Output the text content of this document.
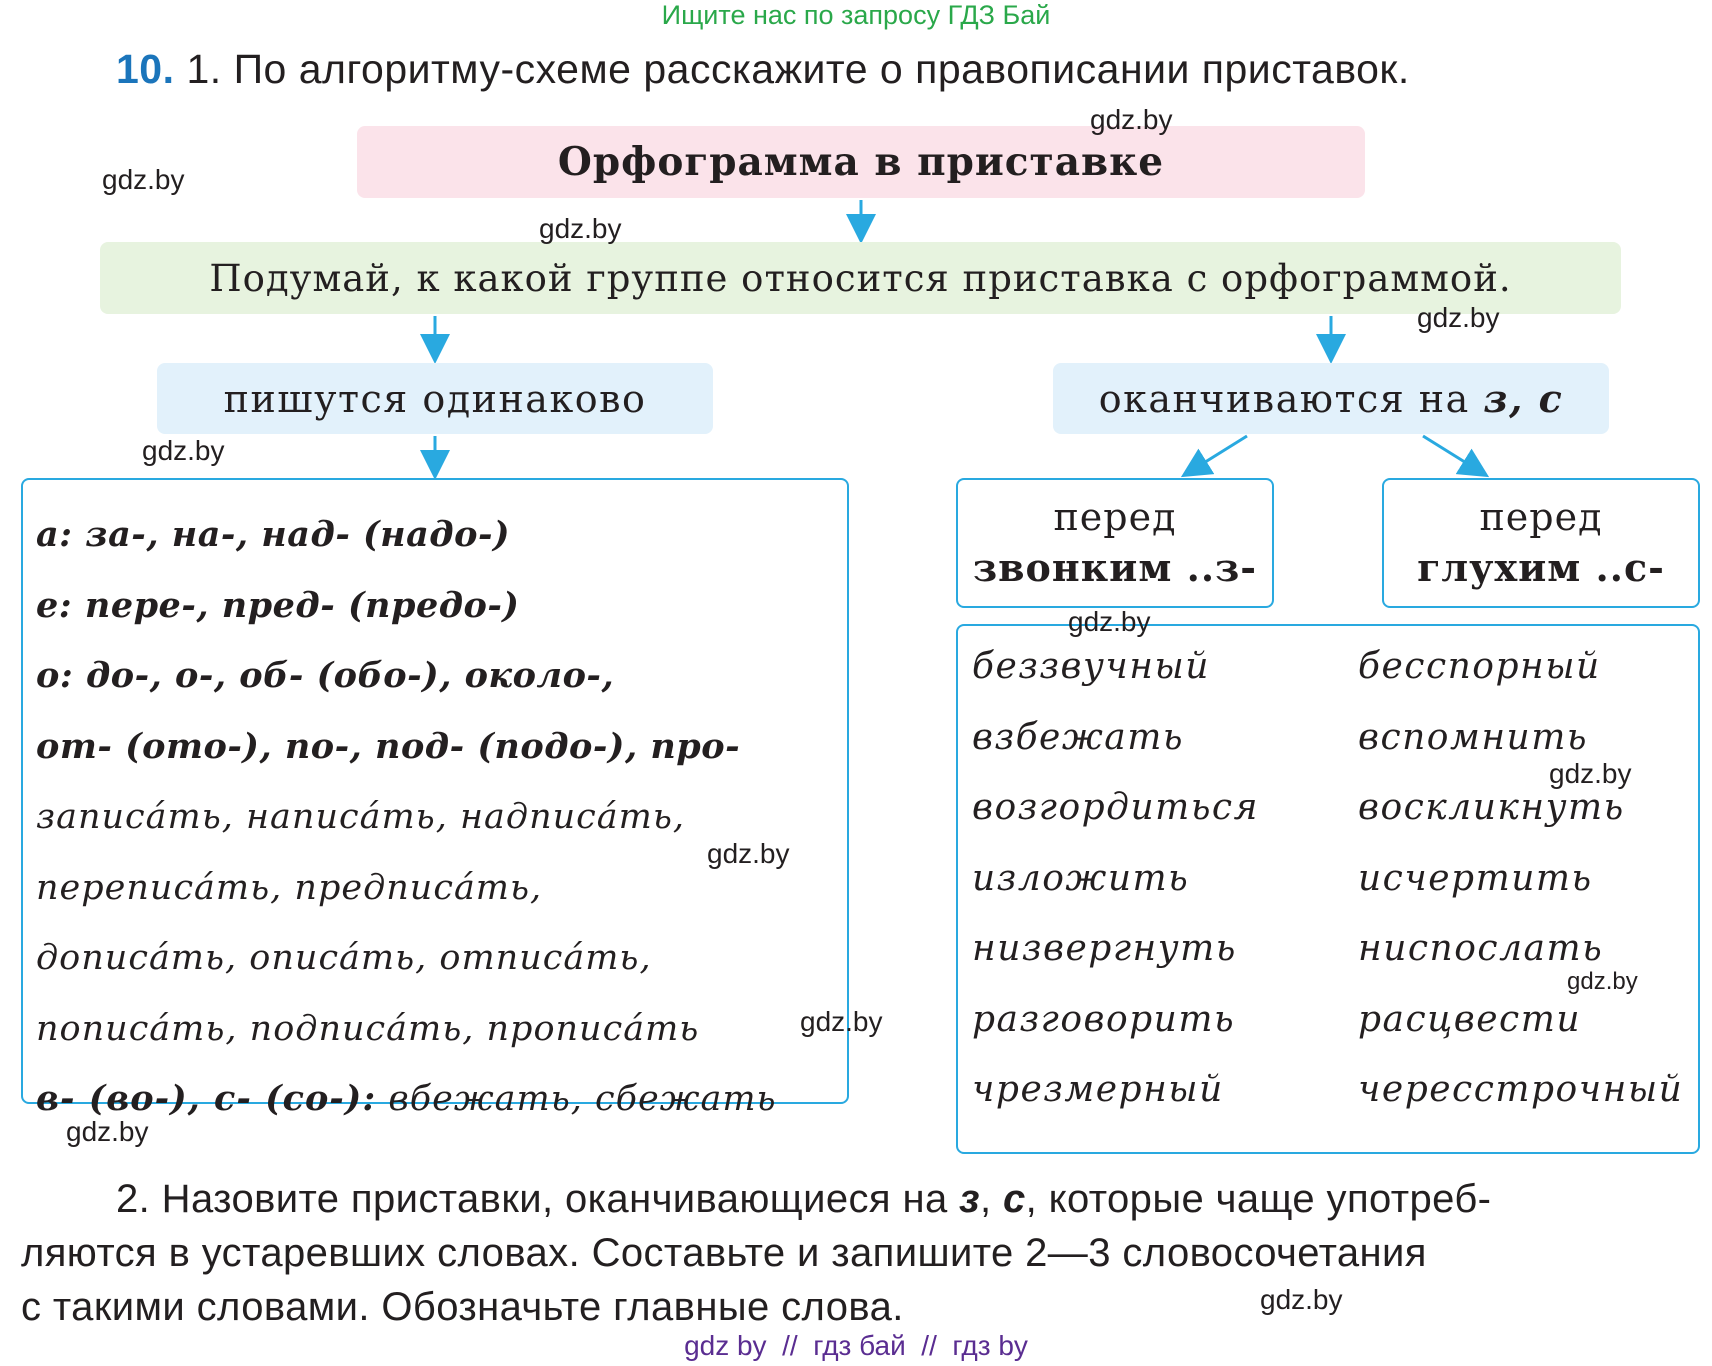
Ищите нас по запросу ГДЗ Бай
10. 1. По алгоритму-схеме расскажите о правописании приставок.
Орфограмма в приставке
Подумай, к какой группе относится приставка с орфограммой.
пишутся одинаково	оканчиваются на з, с
а: за-, на-, над- (надо-)
е: пере-, пред- (предо-)
о: до-, о-, об- (обо-), около-,
от- (ото-), по-, под- (подо-), про-
записа́ть, написа́ть, надписа́ть,
переписа́ть, предписа́ть,
дописа́ть, описа́ть, отписа́ть,
пописа́ть, подписа́ть, прописа́ть
в- (во-), с- (со-): вбежать, сбежать
перед
звонким ..з-
перед
глухим ..с-
беззвучный
взбежать
возгордиться
изложить
низвергнуть
разговорить
чрезмерный
бесспорный
вспомнить
воскликнуть
исчертить
ниспослать
расцвести
чересстрочный
2. Назовите приставки, оканчивающиеся на з, с, которые чаще употреб-
ляются в устаревших словах. Составьте и запишите 2—3 словосочетания
с такими словами. Обозначьте главные слова.
gdz.by
gdz.by
gdz.by
gdz.by
gdz.by
gdz.by
gdz.by
gdz.by
gdz.by
gdz.by
gdz.by
gdz.by
gdz by  //  гдз бай  //  гдз by
